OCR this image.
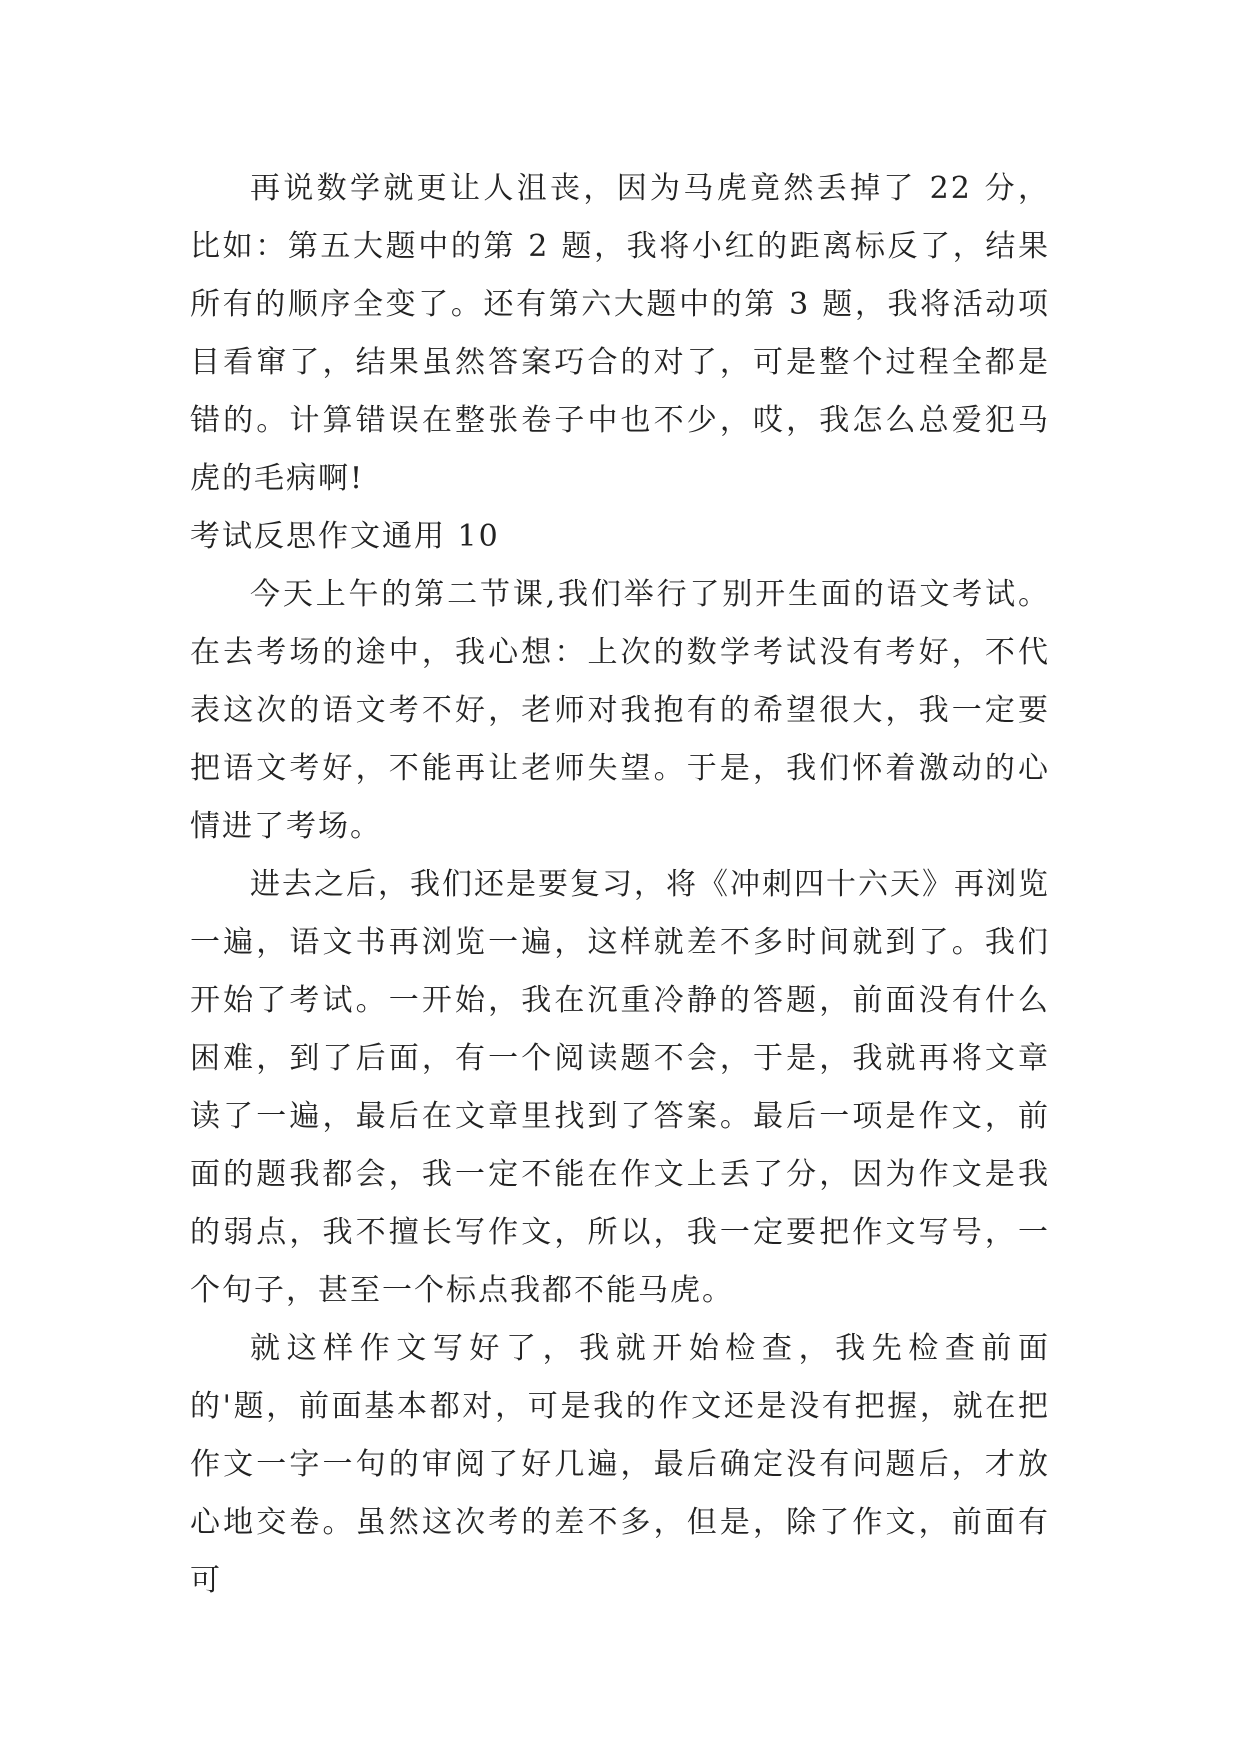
再说数学就更让人沮丧，因为马虎竟然丢掉了 22 分，比如：第五大题中的第 2 题，我将小红的距离标反了，结果所有的顺序全变了。还有第六大题中的第 3 题，我将活动项目看窜了，结果虽然答案巧合的对了，可是整个过程全都是错的。计算错误在整张卷子中也不少，哎，我怎么总爱犯马虎的毛病啊!

考试反思作文通用 10

今天上午的第二节课,我们举行了别开生面的语文考试。在去考场的途中，我心想：上次的数学考试没有考好，不代表这次的语文考不好，老师对我抱有的希望很大，我一定要把语文考好，不能再让老师失望。于是，我们怀着激动的心情进了考场。

进去之后，我们还是要复习，将《冲刺四十六天》再浏览一遍，语文书再浏览一遍，这样就差不多时间就到了。我们开始了考试。一开始，我在沉重冷静的答题，前面没有什么困难，到了后面，有一个阅读题不会，于是，我就再将文章读了一遍，最后在文章里找到了答案。最后一项是作文，前面的题我都会，我一定不能在作文上丢了分，因为作文是我的弱点，我不擅长写作文，所以，我一定要把作文写号，一个句子，甚至一个标点我都不能马虎。

就这样作文写好了，我就开始检查，我先检查前面的'题，前面基本都对，可是我的作文还是没有把握，就在把作文一字一句的审阅了好几遍，最后确定没有问题后，才放心地交卷。虽然这次考的差不多，但是，除了作文，前面有可
